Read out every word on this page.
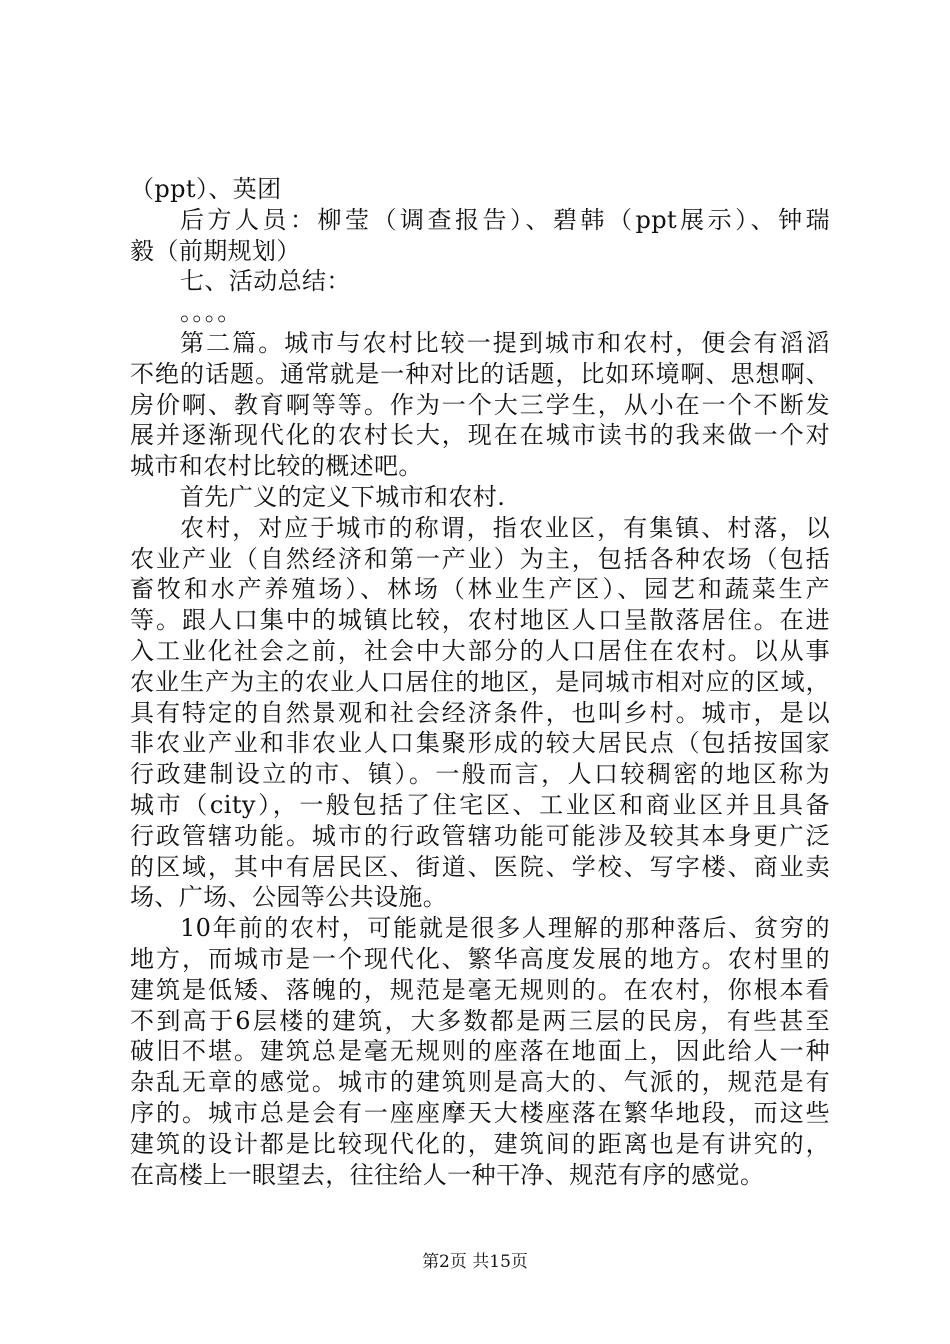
（ppt）、英团
后方人员：柳莹（调查报告）、碧韩（ppt展示）、钟瑞
毅（前期规划）
七、活动总结：
。。。。
第二篇。城市与农村比较一提到城市和农村，便会有滔滔
不绝的话题。通常就是一种对比的话题，比如环境啊、思想啊、
房价啊、教育啊等等。作为一个大三学生，从小在一个不断发
展并逐渐现代化的农村长大，现在在城市读书的我来做一个对
城市和农村比较的概述吧。
首先广义的定义下城市和农村.
农村，对应于城市的称谓，指农业区，有集镇、村落，以
农业产业（自然经济和第一产业）为主，包括各种农场（包括
畜牧和水产养殖场）、林场（林业生产区）、园艺和蔬菜生产
等。跟人口集中的城镇比较，农村地区人口呈散落居住。在进
入工业化社会之前，社会中大部分的人口居住在农村。以从事
农业生产为主的农业人口居住的地区，是同城市相对应的区域，
具有特定的自然景观和社会经济条件，也叫乡村。城市，是以
非农业产业和非农业人口集聚形成的较大居民点（包括按国家
行政建制设立的市、镇）。一般而言，人口较稠密的地区称为
城市（city），一般包括了住宅区、工业区和商业区并且具备
行政管辖功能。城市的行政管辖功能可能涉及较其本身更广泛
的区域，其中有居民区、街道、医院、学校、写字楼、商业卖
场、广场、公园等公共设施。
10年前的农村，可能就是很多人理解的那种落后、贫穷的
地方，而城市是一个现代化、繁华高度发展的地方。农村里的
建筑是低矮、落魄的，规范是毫无规则的。在农村，你根本看
不到高于6层楼的建筑，大多数都是两三层的民房，有些甚至
破旧不堪。建筑总是毫无规则的座落在地面上，因此给人一种
杂乱无章的感觉。城市的建筑则是高大的、气派的，规范是有
序的。城市总是会有一座座摩天大楼座落在繁华地段，而这些
建筑的设计都是比较现代化的，建筑间的距离也是有讲究的，
在高楼上一眼望去，往往给人一种干净、规范有序的感觉。
第2页 共15页
